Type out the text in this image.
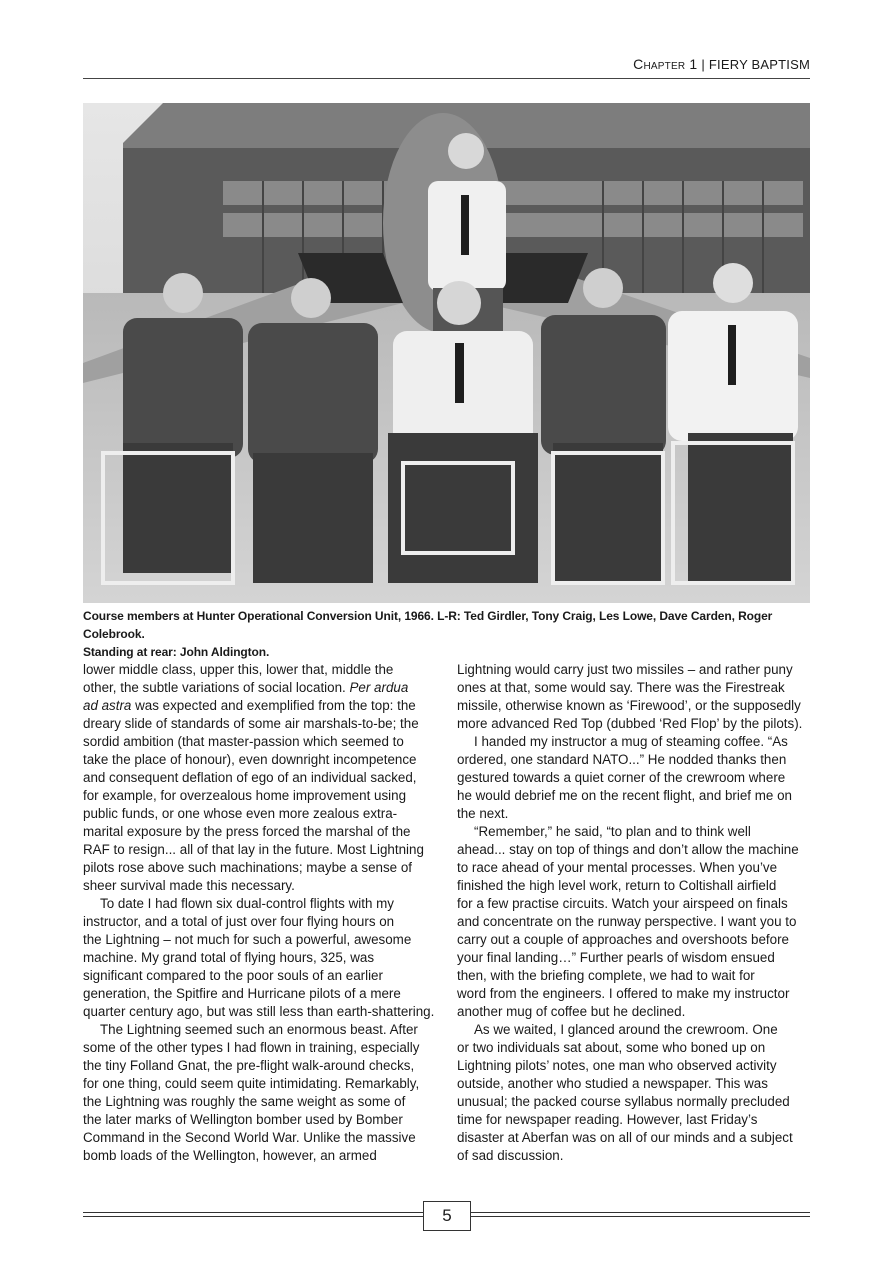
Chapter 1 | FIERY BAPTISM
Course members at Hunter Operational Conversion Unit, 1966. L-R: Ted Girdler, Tony Craig, Les Lowe, Dave Carden, Roger Colebrook.
Standing at rear: John Aldington.

lower middle class, upper this, lower that, middle the

other, the subtle variations of social location. Per ardua

ad astra was expected and exemplified from the top: the

dreary slide of standards of some air marshals-to-be; the

sordid ambition (that master-passion which seemed to

take the place of honour), even downright incompetence

and consequent deflation of ego of an individual sacked,

for example, for overzealous home improvement using

public funds, or one whose even more zealous extra-

marital exposure by the press forced the marshal of the

RAF to resign... all of that lay in the future. Most Lightning

pilots rose above such machinations; maybe a sense of

sheer survival made this necessary.

To date I had flown six dual-control flights with my

instructor, and a total of just over four flying hours on

the Lightning – not much for such a powerful, awesome

machine. My grand total of flying hours, 325, was

significant compared to the poor souls of an earlier

generation, the Spitfire and Hurricane pilots of a mere

quarter century ago, but was still less than earth-shattering.

The Lightning seemed such an enormous beast. After

some of the other types I had flown in training, especially

the tiny Folland Gnat, the pre-flight walk-around checks,

for one thing, could seem quite intimidating. Remarkably,

the Lightning was roughly the same weight as some of

the later marks of Wellington bomber used by Bomber

Command in the Second World War. Unlike the massive

bomb loads of the Wellington, however, an armed

Lightning would carry just two missiles – and rather puny

ones at that, some would say. There was the Firestreak

missile, otherwise known as ‘Firewood’, or the supposedly

more advanced Red Top (dubbed ‘Red Flop’ by the pilots).

I handed my instructor a mug of steaming coffee. “As

ordered, one standard NATO...” He nodded thanks then

gestured towards a quiet corner of the crewroom where

he would debrief me on the recent flight, and brief me on

the next.

“Remember,” he said, “to plan and to think well

ahead... stay on top of things and don’t allow the machine

to race ahead of your mental processes. When you’ve

finished the high level work, return to Coltishall airfield

for a few practise circuits. Watch your airspeed on finals

and concentrate on the runway perspective. I want you to

carry out a couple of approaches and overshoots before

your final landing…” Further pearls of wisdom ensued

then, with the briefing complete, we had to wait for

word from the engineers. I offered to make my instructor

another mug of coffee but he declined.

As we waited, I glanced around the crewroom. One

or two individuals sat about, some who boned up on

Lightning pilots’ notes, one man who observed activity

outside, another who studied a newspaper. This was

unusual; the packed course syllabus normally precluded

time for newspaper reading. However, last Friday’s

disaster at Aberfan was on all of our minds and a subject

of sad discussion.

5
